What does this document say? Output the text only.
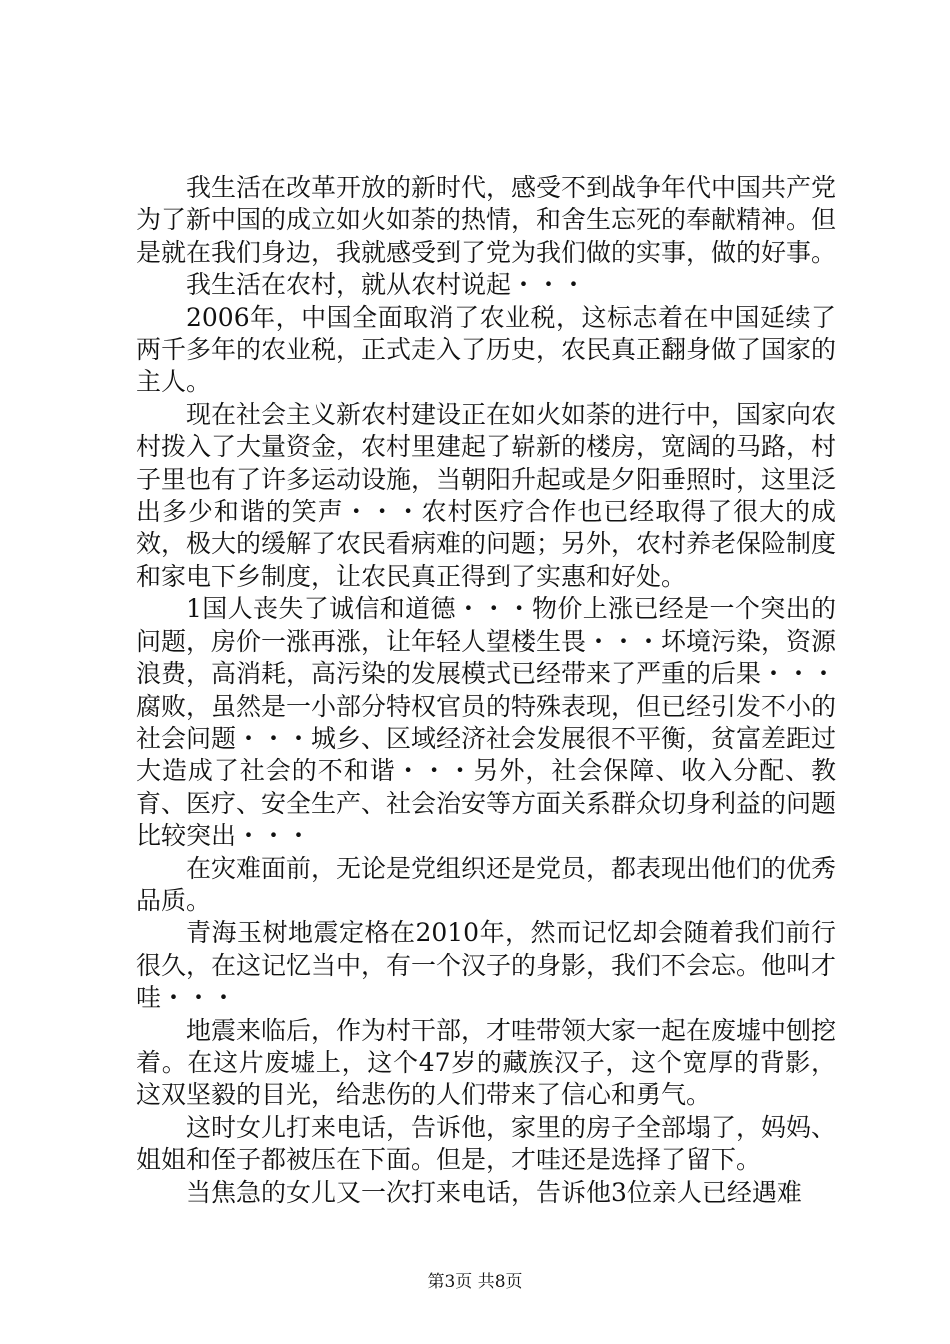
我生活在改革开放的新时代，感受不到战争年代中国共产党为了新中国的成立如火如荼的热情，和舍生忘死的奉献精神。但是就在我们身边，我就感受到了党为我们做的实事，做的好事。

我生活在农村，就从农村说起・・・

2006年，中国全面取消了农业税，这标志着在中国延续了两千多年的农业税，正式走入了历史，农民真正翻身做了国家的主人。

现在社会主义新农村建设正在如火如荼的进行中，国家向农村拨入了大量资金，农村里建起了崭新的楼房，宽阔的马路，村子里也有了许多运动设施，当朝阳升起或是夕阳垂照时，这里泛出多少和谐的笑声・・・农村医疗合作也已经取得了很大的成效，极大的缓解了农民看病难的问题；另外，农村养老保险制度和家电下乡制度，让农民真正得到了实惠和好处。

1国人丧失了诚信和道德・・・物价上涨已经是一个突出的问题，房价一涨再涨，让年轻人望楼生畏・・・坏境污染，资源浪费，高消耗，高污染的发展模式已经带来了严重的后果・・・腐败，虽然是一小部分特权官员的特殊表现，但已经引发不小的社会问题・・・城乡、区域经济社会发展很不平衡，贫富差距过大造成了社会的不和谐・・・另外，社会保障、收入分配、教育、医疗、安全生产、社会治安等方面关系群众切身利益的问题比较突出・・・

在灾难面前，无论是党组织还是党员，都表现出他们的优秀品质。

青海玉树地震定格在2010年，然而记忆却会随着我们前行很久，在这记忆当中，有一个汉子的身影，我们不会忘。他叫才哇・・・

地震来临后，作为村干部，才哇带领大家一起在废墟中刨挖着。在这片废墟上，这个47岁的藏族汉子，这个宽厚的背影，这双坚毅的目光，给悲伤的人们带来了信心和勇气。

这时女儿打来电话，告诉他，家里的房子全部塌了，妈妈、姐姐和侄子都被压在下面。但是，才哇还是选择了留下。

当焦急的女儿又一次打来电话，告诉他3位亲人已经遇难

第3页 共8页
